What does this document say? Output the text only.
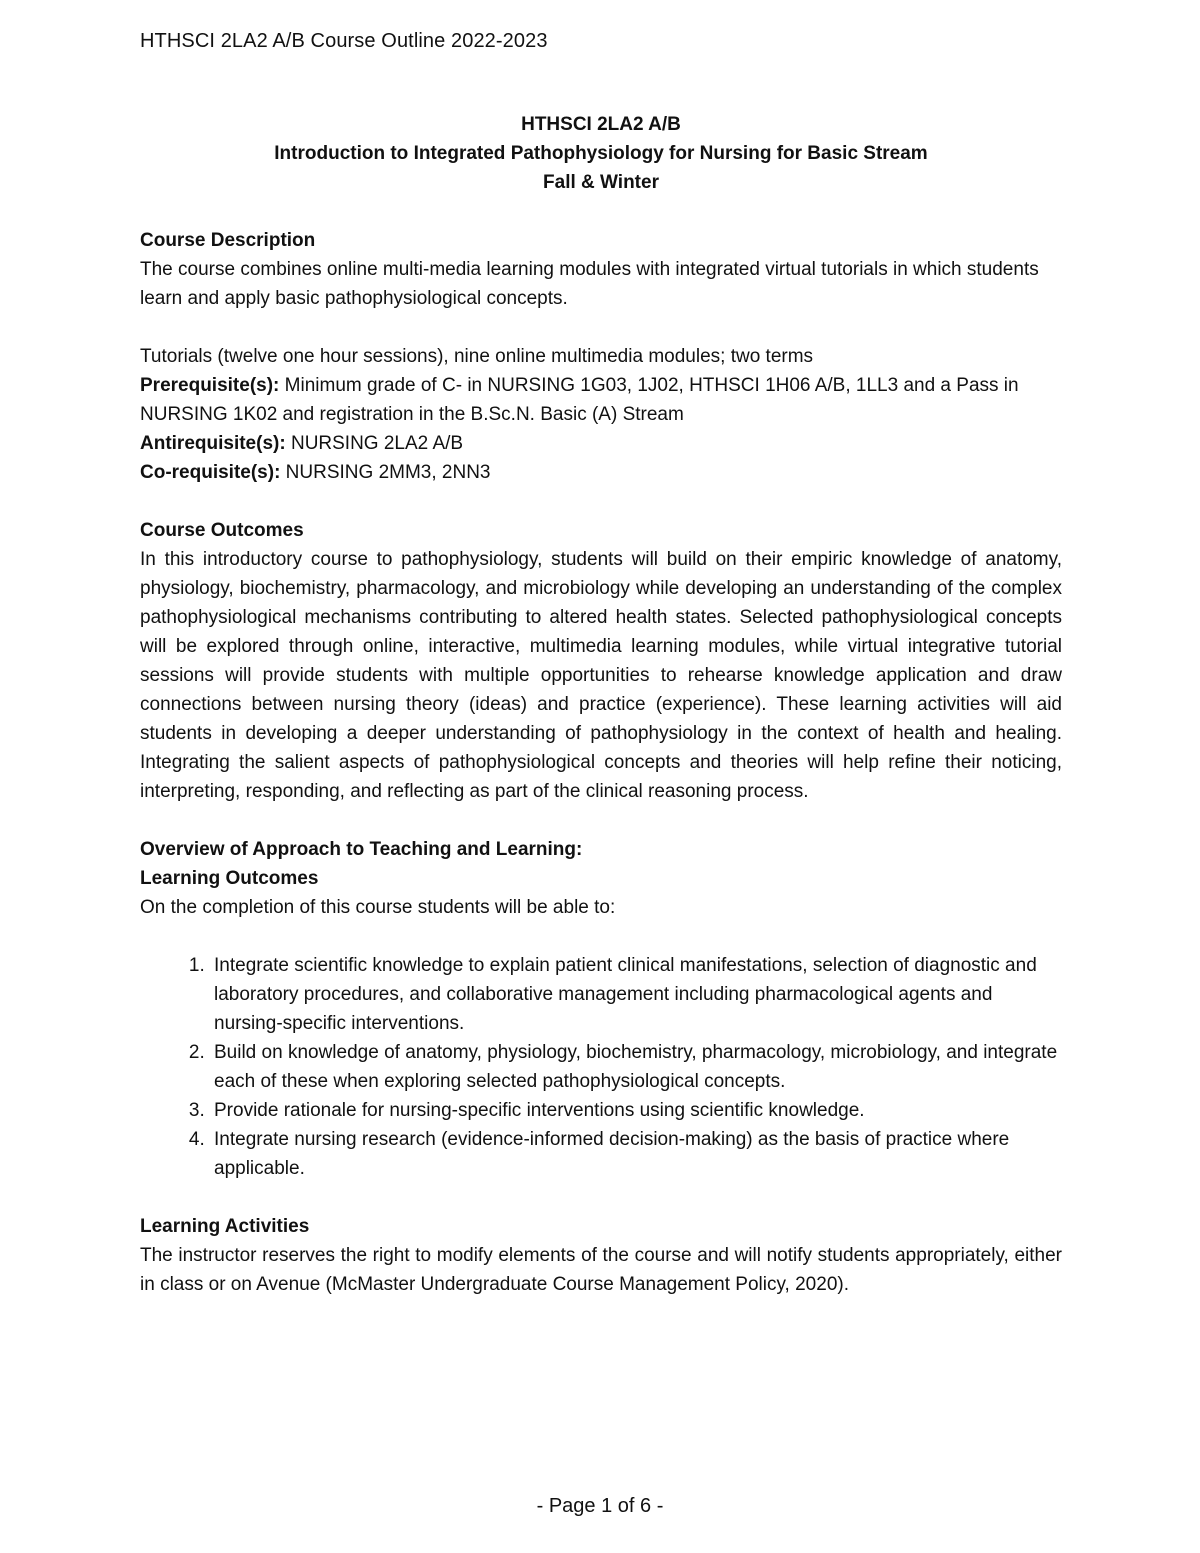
HTHSCI 2LA2 A/B Course Outline 2022-2023
HTHSCI 2LA2 A/B
Introduction to Integrated Pathophysiology for Nursing for Basic Stream
Fall & Winter
Course Description
The course combines online multi-media learning modules with integrated virtual tutorials in which students learn and apply basic pathophysiological concepts.
Tutorials (twelve one hour sessions), nine online multimedia modules; two terms
Prerequisite(s): Minimum grade of C- in NURSING 1G03, 1J02, HTHSCI 1H06 A/B, 1LL3 and a Pass in NURSING 1K02 and registration in the B.Sc.N. Basic (A) Stream
Antirequisite(s): NURSING 2LA2 A/B
Co-requisite(s): NURSING 2MM3, 2NN3
Course Outcomes
In this introductory course to pathophysiology, students will build on their empiric knowledge of anatomy, physiology, biochemistry, pharmacology, and microbiology while developing an understanding of the complex pathophysiological mechanisms contributing to altered health states. Selected pathophysiological concepts will be explored through online, interactive, multimedia learning modules, while virtual integrative tutorial sessions will provide students with multiple opportunities to rehearse knowledge application and draw connections between nursing theory (ideas) and practice (experience). These learning activities will aid students in developing a deeper understanding of pathophysiology in the context of health and healing. Integrating the salient aspects of pathophysiological concepts and theories will help refine their noticing, interpreting, responding, and reflecting as part of the clinical reasoning process.
Overview of Approach to Teaching and Learning:
Learning Outcomes
On the completion of this course students will be able to:
1. Integrate scientific knowledge to explain patient clinical manifestations, selection of diagnostic and laboratory procedures, and collaborative management including pharmacological agents and nursing-specific interventions.
2. Build on knowledge of anatomy, physiology, biochemistry, pharmacology, microbiology, and integrate each of these when exploring selected pathophysiological concepts.
3. Provide rationale for nursing-specific interventions using scientific knowledge.
4. Integrate nursing research (evidence-informed decision-making) as the basis of practice where applicable.
Learning Activities
The instructor reserves the right to modify elements of the course and will notify students appropriately, either in class or on Avenue (McMaster Undergraduate Course Management Policy, 2020).
- Page 1 of 6 -
